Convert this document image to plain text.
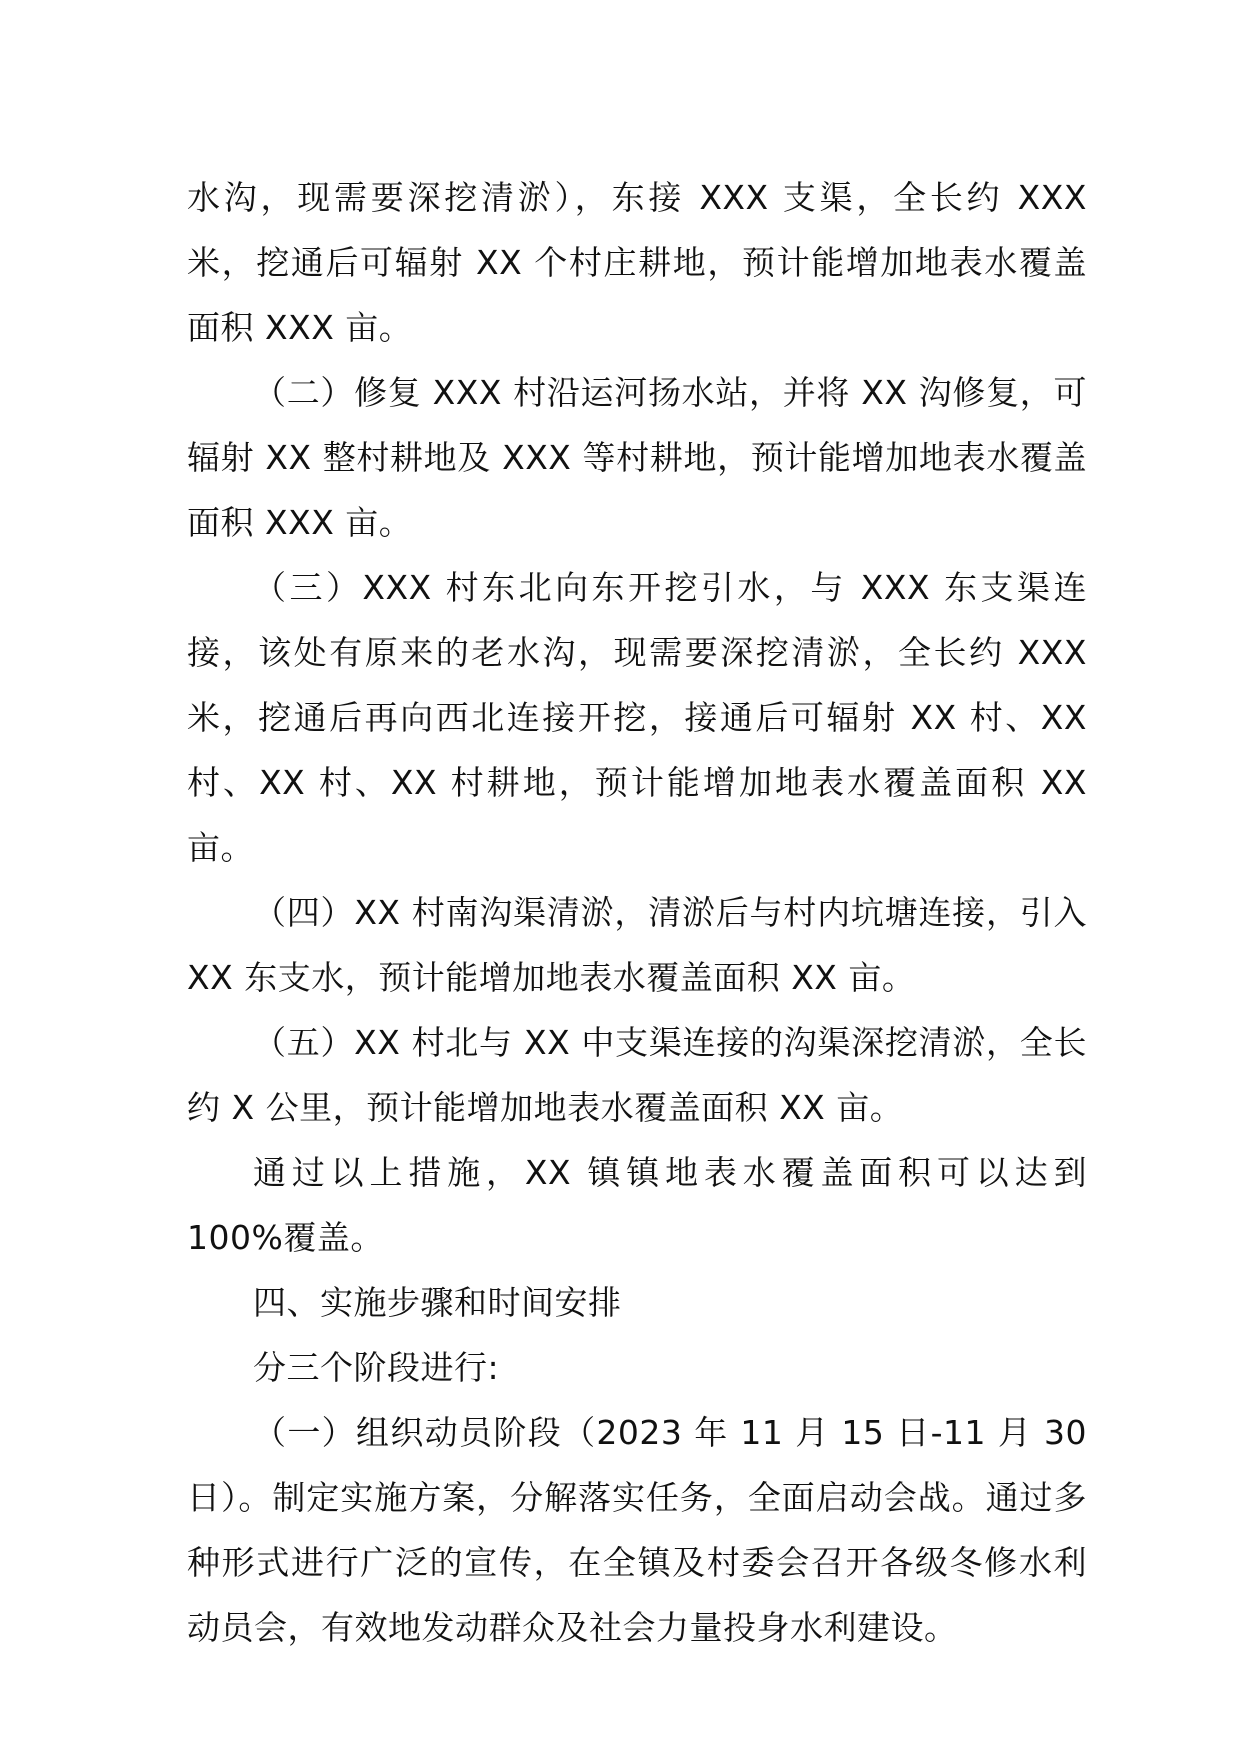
水沟，现需要深挖清淤），东接 XXX 支渠，全长约 XXX 米，挖通后可辐射 XX 个村庄耕地，预计能增加地表水覆盖面积 XXX 亩。

（二）修复 XXX 村沿运河扬水站，并将 XX 沟修复，可辐射 XX 整村耕地及 XXX 等村耕地，预计能增加地表水覆盖面积 XXX 亩。

（三）XXX 村东北向东开挖引水，与 XXX 东支渠连接，该处有原来的老水沟，现需要深挖清淤，全长约 XXX 米，挖通后再向西北连接开挖，接通后可辐射 XX 村、XX 村、XX 村、XX 村耕地，预计能增加地表水覆盖面积 XX 亩。

（四）XX 村南沟渠清淤，清淤后与村内坑塘连接，引入 XX 东支水，预计能增加地表水覆盖面积 XX 亩。

（五）XX 村北与 XX 中支渠连接的沟渠深挖清淤，全长约 X 公里，预计能增加地表水覆盖面积 XX 亩。

通过以上措施，XX 镇镇地表水覆盖面积可以达到 100%覆盖。

四、实施步骤和时间安排

分三个阶段进行:

（一）组织动员阶段（2023 年 11 月 15 日-11 月 30 日）。制定实施方案，分解落实任务，全面启动会战。通过多种形式进行广泛的宣传，在全镇及村委会召开各级冬修水利动员会，有效地发动群众及社会力量投身水利建设。
